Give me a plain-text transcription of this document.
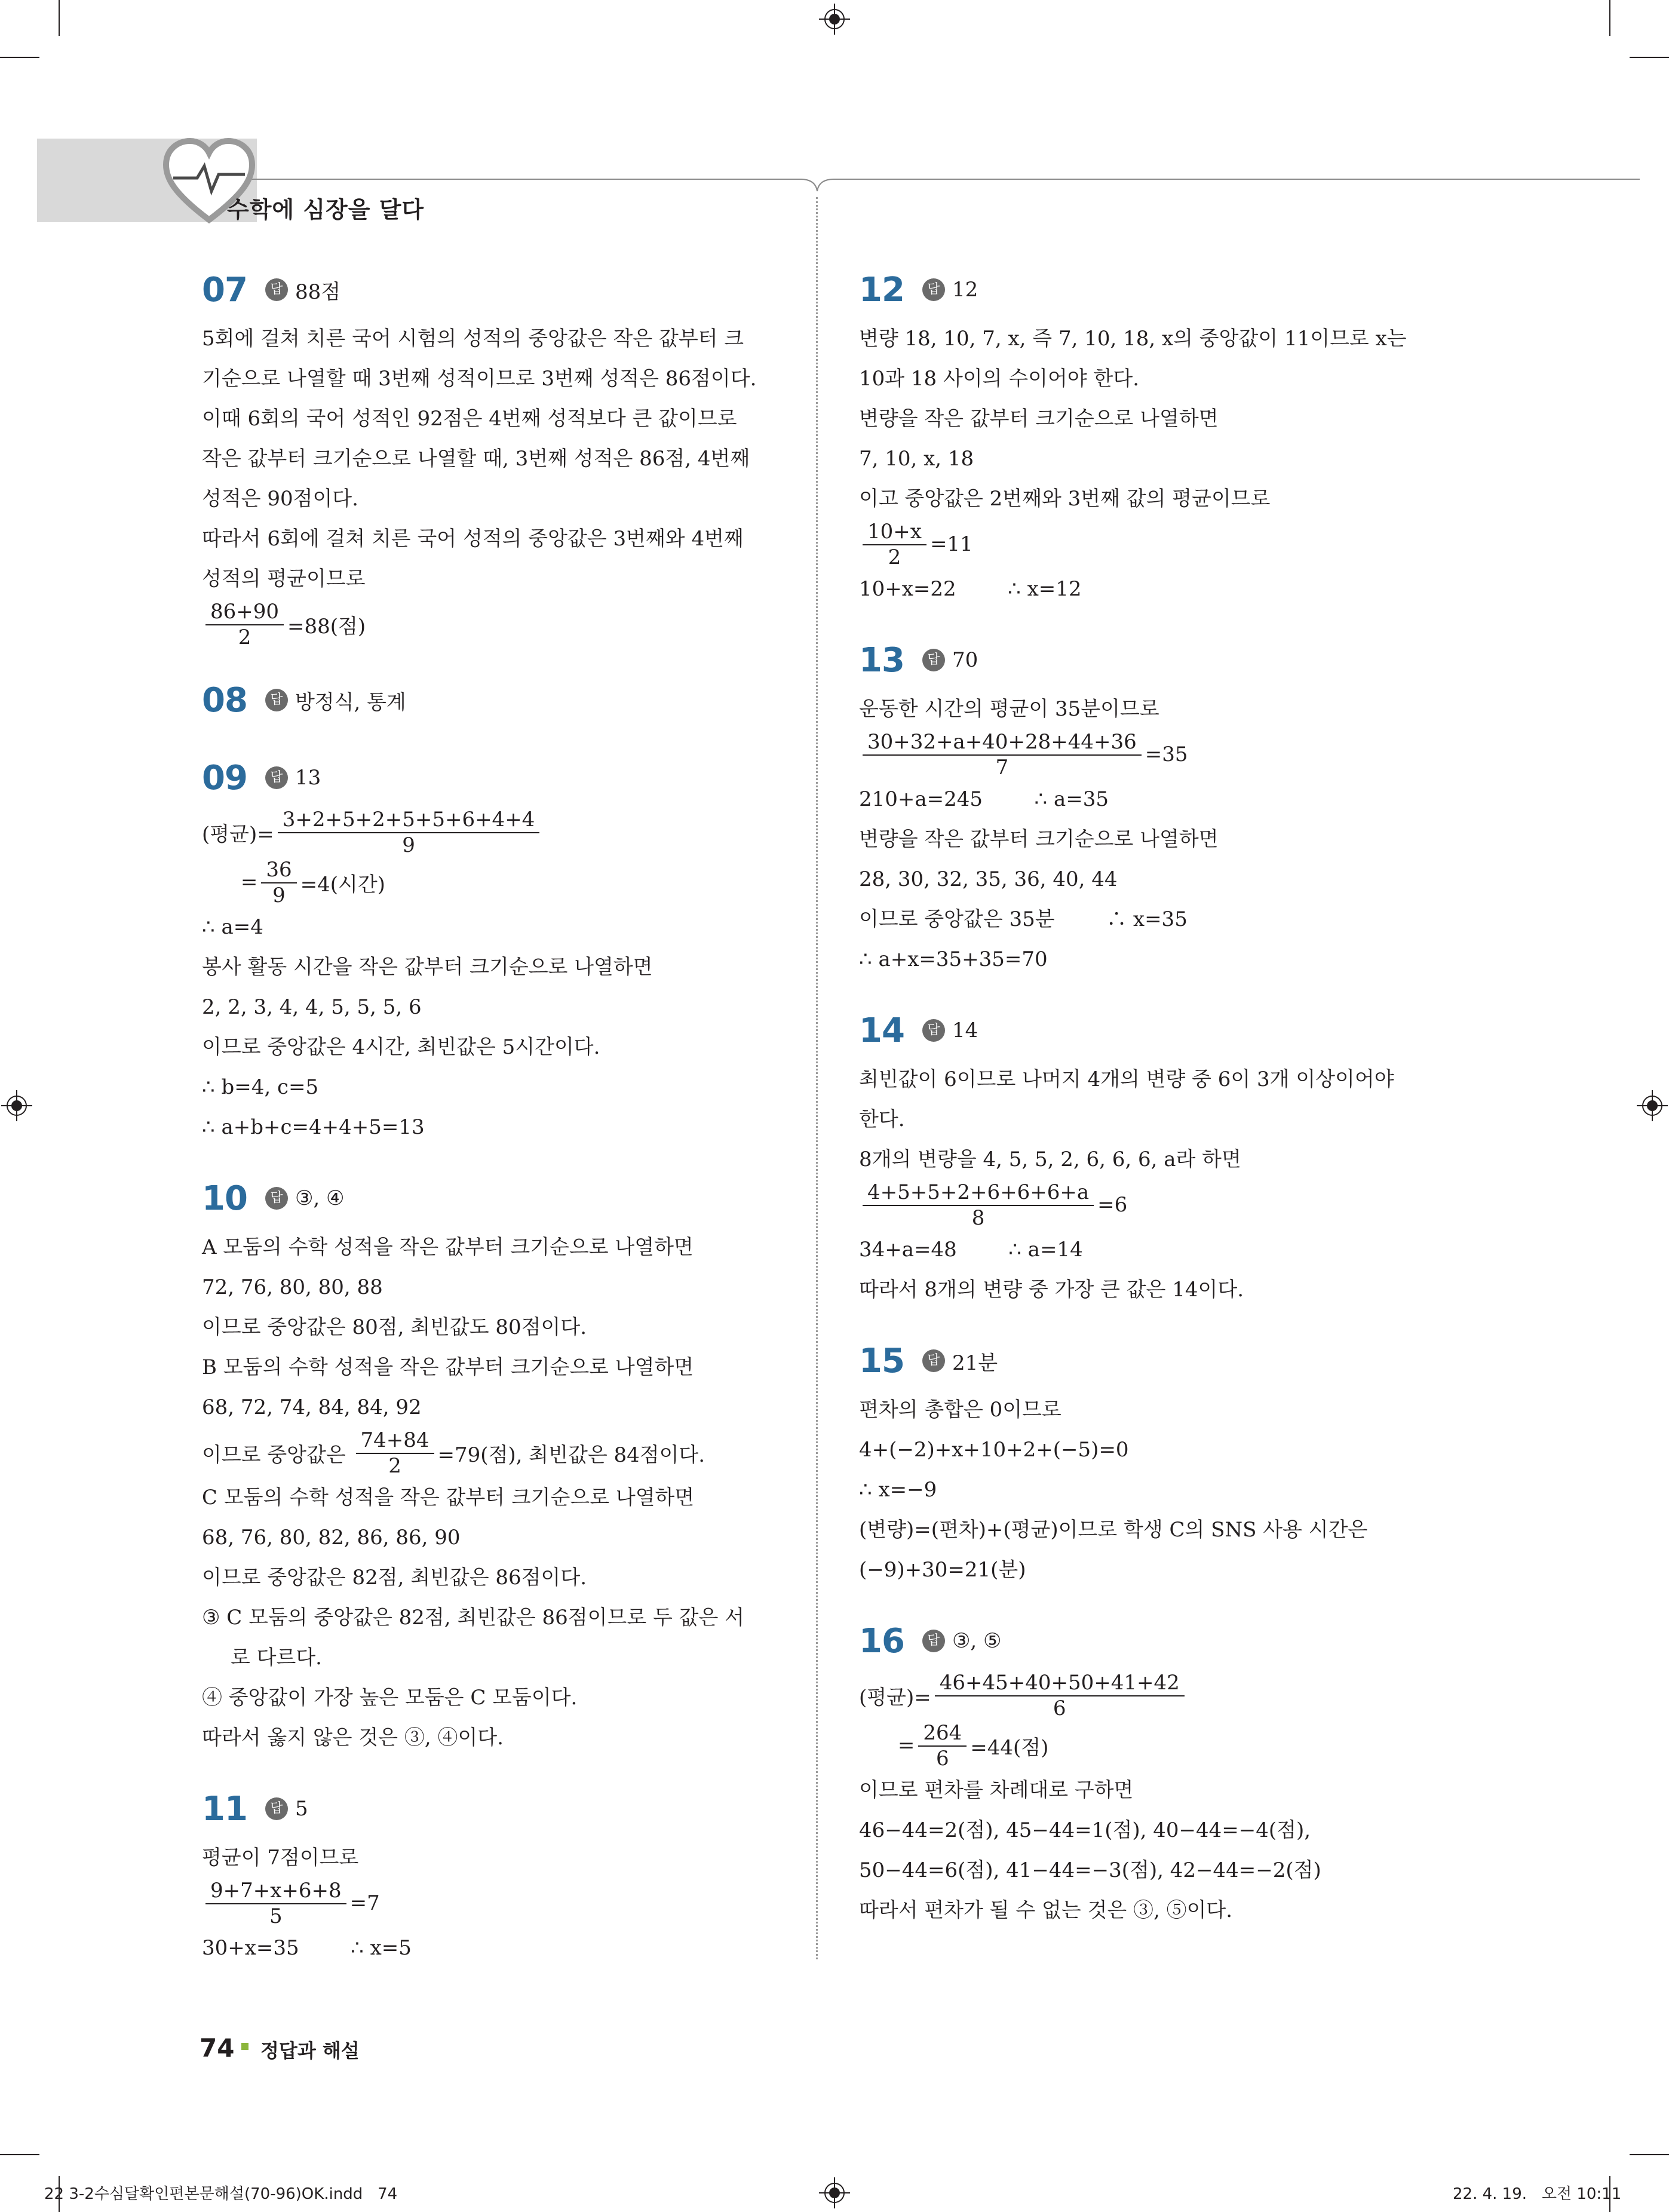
수학에 심장을 달다
07	답 88점
5회에 걸쳐 치른 국어 시험의 성적의 중앙값은 작은 값부터 크
기순으로 나열할 때 3번째 성적이므로 3번째 성적은 86점이다.
이때 6회의 국어 성적인 92점은 4번째 성적보다 큰 값이므로
작은 값부터 크기순으로 나열할 때, 3번째 성적은 86점, 4번째
성적은 90점이다.
따라서 6회에 걸쳐 치른 국어 성적의 중앙값은 3번째와 4번째
성적의 평균이므로
$\frac{86+90}{2} =88$(점)
08	답 방정식, 통계
09	답 13
(평균)= $\frac{3+2+5+2+5+5+6+4+4}{9}$
= $\frac{36}{9} =4$(시간)
∴ a=4
봉사 활동 시간을 작은 값부터 크기순으로 나열하면
2, 2, 3, 4, 4, 5, 5, 5, 6
이므로 중앙값은 4시간, 최빈값은 5시간이다.
∴ b=4, c=5
∴ a+b+c=4+4+5=13
10	답 ③, ④
A 모둠의 수학 성적을 작은 값부터 크기순으로 나열하면
72, 76, 80, 80, 88
이므로 중앙값은 80점, 최빈값도 80점이다.
B 모둠의 수학 성적을 작은 값부터 크기순으로 나열하면
68, 72, 74, 84, 84, 92
이므로 중앙값은 $\frac{74+84}{2} =79$(점), 최빈값은 84점이다.
C 모둠의 수학 성적을 작은 값부터 크기순으로 나열하면
68, 76, 80, 82, 86, 86, 90
이므로 중앙값은 82점, 최빈값은 86점이다.
③ C 모둠의 중앙값은 82점, 최빈값은 86점이므로 두 값은 서
로 다르다.
④ 중앙값이 가장 높은 모둠은 C 모둠이다.
따라서 옳지 않은 것은 ③, ④이다.
11	답 5
평균이 7점이므로
$\frac{9+7+x+6+8}{5} =7$
30+x=35        ∴ x=5
12	답 12
변량 18, 10, 7, x, 즉 7, 10, 18, x의 중앙값이 11이므로 x는
10과 18 사이의 수이어야 한다.
변량을 작은 값부터 크기순으로 나열하면
7, 10, x, 18
이고 중앙값은 2번째와 3번째 값의 평균이므로
$\frac{10+x}{2} =11$
10+x=22        ∴ x=12
13	답 70
운동한 시간의 평균이 35분이므로
$\frac{30+32+a+40+28+44+36}{7} =35$
210+a=245        ∴ a=35
변량을 작은 값부터 크기순으로 나열하면
28, 30, 32, 35, 36, 40, 44
이므로 중앙값은 35분        ∴ x=35
∴ a+x=35+35=70
14	답 14
최빈값이 6이므로 나머지 4개의 변량 중 6이 3개 이상이어야
한다.
8개의 변량을 4, 5, 5, 2, 6, 6, 6, a라 하면
$\frac{4+5+5+2+6+6+6+a}{8} =6$
34+a=48        ∴ a=14
따라서 8개의 변량 중 가장 큰 값은 14이다.
15	답 21분
편차의 총합은 0이므로
4+(−2)+x+10+2+(−5)=0
∴ x=−9
(변량)=(편차)+(평균)이므로 학생 C의 SNS 사용 시간은
(−9)+30=21(분)
16	답 ③, ⑤
(평균)= $\frac{46+45+40+50+41+42}{6}$
= $\frac{264}{6} =44$(점)
이므로 편차를 차례대로 구하면
46−44=2(점), 45−44=1(점), 40−44=−4(점),
50−44=6(점), 41−44=−3(점), 42−44=−2(점)
따라서 편차가 될 수 없는 것은 ③, ⑤이다.
74 정답과 해설
22 3-2수심달확인편본문해설(70-96)OK.indd   74	22. 4. 19.   오전 10:11
